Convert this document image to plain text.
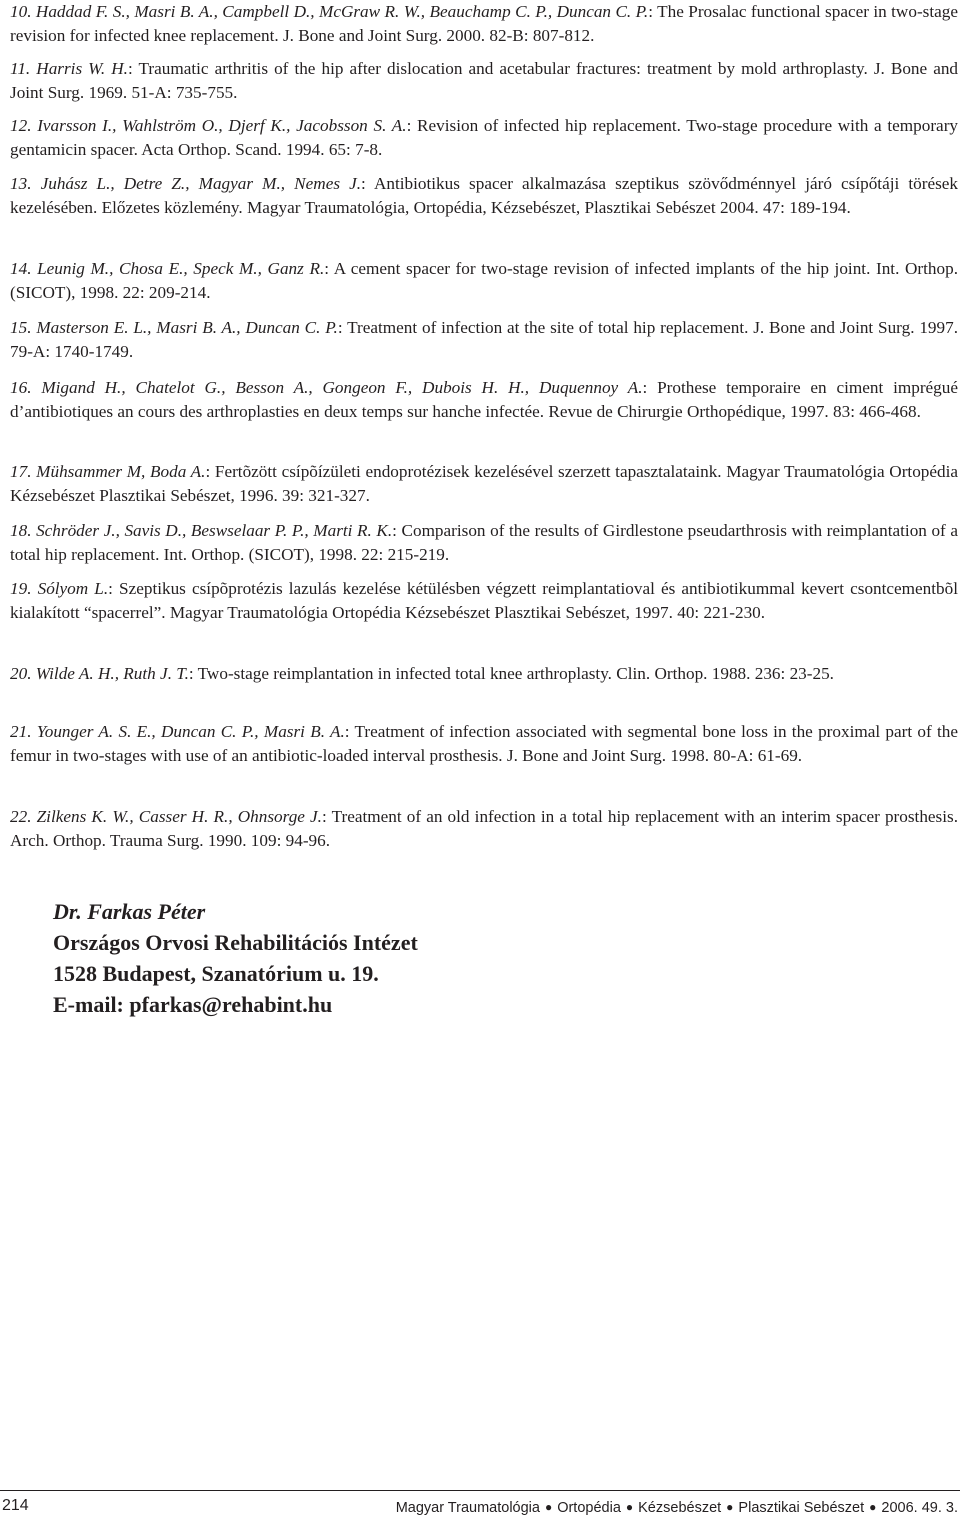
10. Haddad F. S., Masri B. A., Campbell D., McGraw R. W., Beauchamp C. P., Duncan C. P.: The Prosalac functional spacer in two-stage revision for infected knee replacement. J. Bone and Joint Surg. 2000. 82-B: 807-812.
11. Harris W. H.: Traumatic arthritis of the hip after dislocation and acetabular fractures: treatment by mold arthroplasty. J. Bone and Joint Surg. 1969. 51-A: 735-755.
12. Ivarsson I., Wahlström O., Djerf K., Jacobsson S. A.: Revision of infected hip replacement. Two-stage procedure with a temporary gentamicin spacer. Acta Orthop. Scand. 1994. 65: 7-8.
13. Juhász L., Detre Z., Magyar M., Nemes J.: Antibiotikus spacer alkalmazása szeptikus szövődménnyel járó csípőtáji törések kezelésében. Előzetes közlemény. Magyar Traumatológia, Ortopédia, Kézsebészet, Plasztikai Sebészet 2004. 47: 189-194.
14. Leunig M., Chosa E., Speck M., Ganz R.: A cement spacer for two-stage revision of infected implants of the hip joint. Int. Orthop. (SICOT), 1998. 22: 209-214.
15. Masterson E. L., Masri B. A., Duncan C. P.: Treatment of infection at the site of total hip replacement. J. Bone and Joint Surg. 1997. 79-A: 1740-1749.
16. Migand H., Chatelot G., Besson A., Gongeon F., Dubois H. H., Duquennoy A.: Prothese temporaire en ciment imprégué d’antibiotiques an cours des arthroplasties en deux temps sur hanche infectée. Revue de Chirurgie Orthopédique, 1997. 83: 466-468.
17. Mühsammer M, Boda A.: Fertõzött csípõízületi endoprotézisek kezelésével szerzett tapasztalataink. Magyar Traumatológia Ortopédia Kézsebészet Plasztikai Sebészet, 1996. 39: 321-327.
18. Schröder J., Savis D., Beswselaar P. P., Marti R. K.: Comparison of the results of Girdlestone pseudarthrosis with reimplantation of a total hip replacement. Int. Orthop. (SICOT), 1998. 22: 215-219.
19. Sólyom L.: Szeptikus csípõprotézis lazulás kezelése kétülésben végzett reimplantatioval és antibiotikummal kevert csontcementbõl kialakított “spacerrel”. Magyar Traumatológia Ortopédia Kézsebészet Plasztikai Sebészet, 1997. 40: 221-230.
20. Wilde A. H., Ruth J. T.: Two-stage reimplantation in infected total knee arthroplasty. Clin. Orthop. 1988. 236: 23-25.
21. Younger A. S. E., Duncan C. P., Masri B. A.: Treatment of infection associated with segmental bone loss in the proximal part of the femur in two-stages with use of an antibiotic-loaded interval prosthesis. J. Bone and Joint Surg. 1998. 80-A: 61-69.
22. Zilkens K. W., Casser H. R., Ohnsorge J.: Treatment of an old infection in a total hip replacement with an interim spacer prosthesis. Arch. Orthop. Trauma Surg. 1990. 109: 94-96.
Dr. Farkas Péter
Országos Orvosi Rehabilitációs Intézet
1528 Budapest, Szanatórium u. 19.
E-mail: pfarkas@rehabint.hu
214	Magyar Traumatológia ● Ortopédia ● Kézsebészet ● Plasztikai Sebészet ● 2006. 49. 3.
